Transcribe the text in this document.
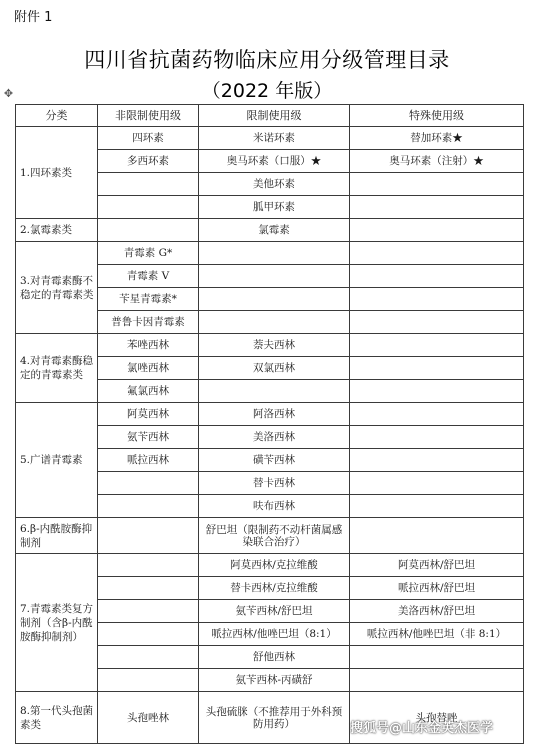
附件 1
四川省抗菌药物临床应用分级管理目录
（2022 年版）
✥
分类	非限制使用级	限制使用级	特殊使用级
1.四环素类	四环素	米诺环素	替加环素★
	多西环素	奥马环素（口服）★	奥马环素（注射）★
		美他环素	
		胍甲环素	
2.氯霉素类		氯霉素	
3.对青霉素酶不稳定的青霉素类	青霉素 G*		
	青霉素 V		
	苄星青霉素*		
	普鲁卡因青霉素		
4.对青霉素酶稳定的青霉素类	苯唑西林	萘夫西林	
	氯唑西林	双氯西林	
	氟氯西林		
5.广谱青霉素	阿莫西林	阿洛西林	
	氨苄西林	美洛西林	
	哌拉西林	磺苄西林	
		替卡西林	
		呋布西林	
6.β-内酰胺酶抑制剂		舒巴坦（限制药不动杆菌属感染联合治疗）	
7.青霉素类复方制剂（含β-内酰胺酶抑制剂）		阿莫西林/克拉维酸	阿莫西林/舒巴坦
		替卡西林/克拉维酸	哌拉西林/舒巴坦
		氨苄西林/舒巴坦	美洛西林/舒巴坦
		哌拉西林/他唑巴坦（8:1）	哌拉西林/他唑巴坦（非 8:1）
		舒他西林	
		氨苄西林-丙磺舒	
8.第一代头孢菌素类	头孢唑林	头孢硫脒（不推荐用于外科预防用药）	头孢替唑
搜狐号@山东金英杰医学
